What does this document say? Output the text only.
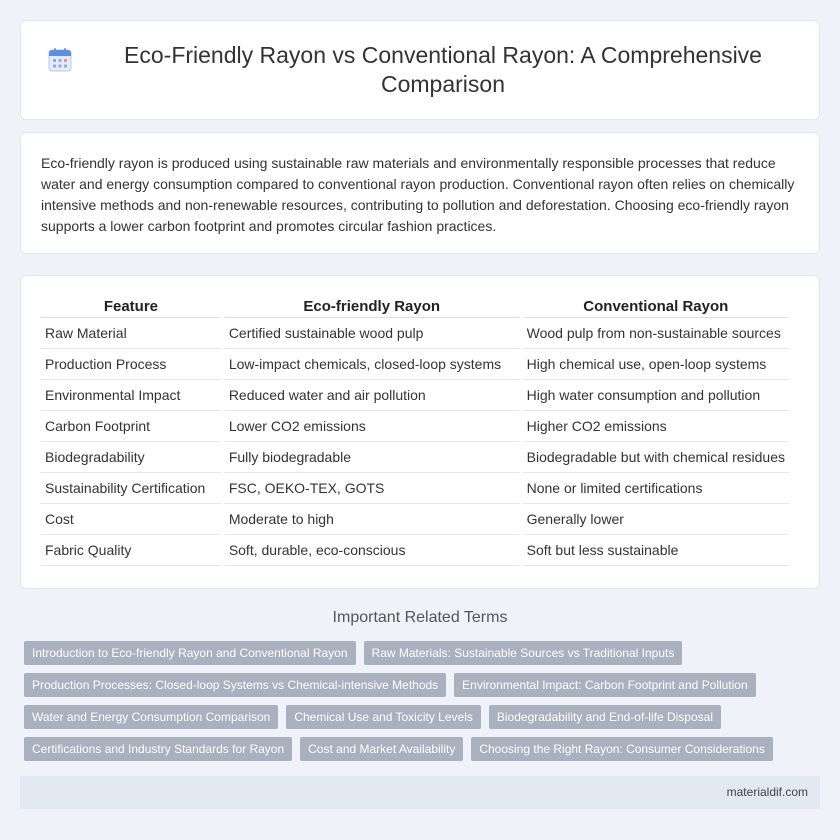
Eco-Friendly Rayon vs Conventional Rayon: A Comprehensive Comparison

Eco-friendly rayon is produced using sustainable raw materials and environmentally responsible processes that reduce water and energy consumption compared to conventional rayon production. Conventional rayon often relies on chemically intensive methods and non-renewable resources, contributing to pollution and deforestation. Choosing eco-friendly rayon supports a lower carbon footprint and promotes circular fashion practices.

Feature	Eco-friendly Rayon	Conventional Rayon
Raw Material	Certified sustainable wood pulp	Wood pulp from non-sustainable sources
Production Process	Low-impact chemicals, closed-loop systems	High chemical use, open-loop systems
Environmental Impact	Reduced water and air pollution	High water consumption and pollution
Carbon Footprint	Lower CO2 emissions	Higher CO2 emissions
Biodegradability	Fully biodegradable	Biodegradable but with chemical residues
Sustainability Certification	FSC, OEKO-TEX, GOTS	None or limited certifications
Cost	Moderate to high	Generally lower
Fabric Quality	Soft, durable, eco-conscious	Soft but less sustainable
Important Related Terms
Introduction to Eco-friendly Rayon and Conventional Rayon	Raw Materials: Sustainable Sources vs Traditional Inputs
Production Processes: Closed-loop Systems vs Chemical-intensive Methods	Environmental Impact: Carbon Footprint and Pollution
Water and Energy Consumption Comparison	Chemical Use and Toxicity Levels	Biodegradability and End-of-life Disposal
Certifications and Industry Standards for Rayon	Cost and Market Availability	Choosing the Right Rayon: Consumer Considerations
materialdif.com
